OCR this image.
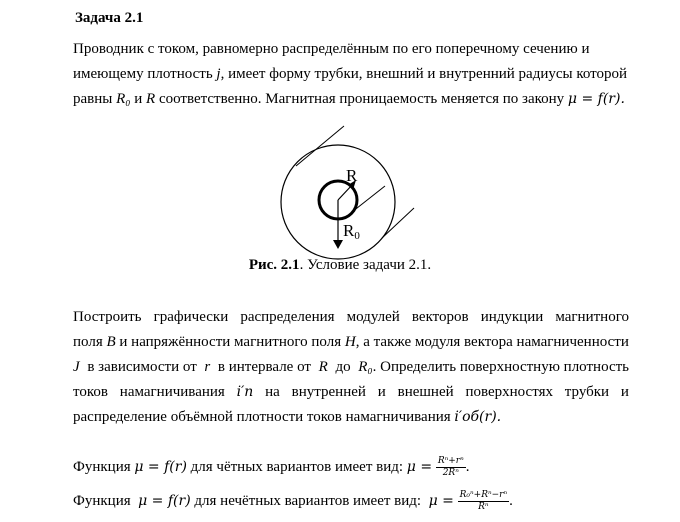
Задача 2.1
Проводник с током, равномерно распределённым по его поперечному сечению и
имеющему плотность j, имеет форму трубки, внешний и внутренний радиусы которой
равны R₀ и R соответственно. Магнитная проницаемость меняется по закону μ = f(r).
R
R0
Рис. 2.1. Условие задачи 2.1.
Построить графически распределения модулей векторов индукции магнитного
поля B и напряжённости магнитного поля H, а также модуля вектора намагниченности
J в зависимости от r в интервале от R до R₀. Определить поверхностную плотность
токов намагничивания i′п на внутренней и внешней поверхностях трубки и
распределение объёмной плотности токов намагничивания i′об(r).
Функция μ = f(r) для чётных вариантов имеет вид: $\mu = \frac{\text{Rⁿ+rⁿ}}{\text{2Rⁿ}}$ .
Функция μ = f(r) для нечётных вариантов имеет вид: $\mu = \frac{\text{R₀ⁿ+Rⁿ−rⁿ}}{\text{Rⁿ}}$ .
